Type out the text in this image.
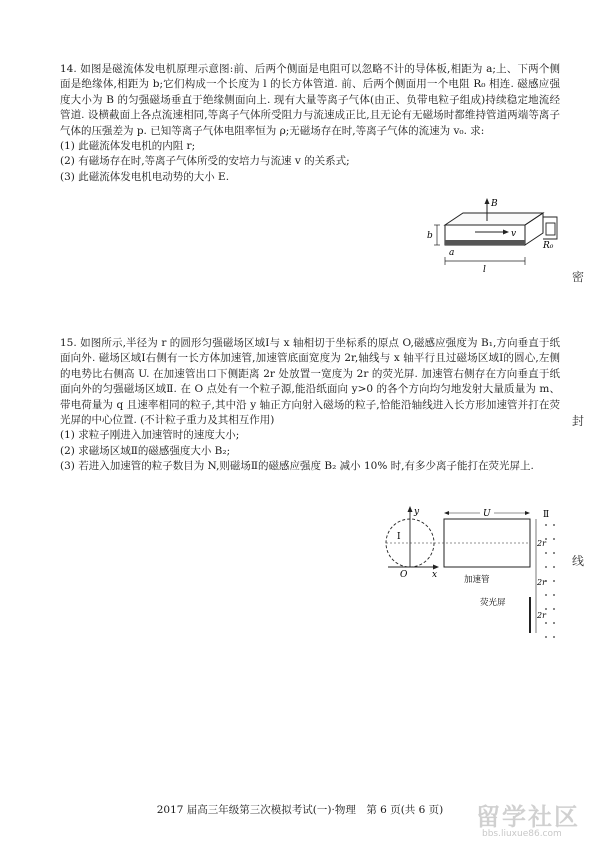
14. 如图是磁流体发电机原理示意图:前、后两个侧面是电阻可以忽略不计的导体板,相距为 a;上、下两个侧面是绝缘体,相距为 b;它们构成一个长度为 l 的长方体管道. 前、后两个侧面用一个电阻 R₀ 相连. 磁感应强度大小为 B 的匀强磁场垂直于绝缘侧面向上. 现有大量等离子气体(由正、负带电粒子组成)持续稳定地流经管道. 设横截面上各点流速相同,等离子气体所受阻力与流速成正比,且无论有无磁场时都维持管道两端等离子气体的压强差为 p. 已知等离子气体电阻率恒为 ρ;无磁场存在时,等离子气体的流速为 v₀. 求:

(1) 此磁流体发电机的内阻 r;

(2) 有磁场存在时,等离子气体所受的安培力与流速 v 的关系式;

(3) 此磁流体发电机电动势的大小 E.

B
v
b
a
l
R₀

15. 如图所示,半径为 r 的圆形匀强磁场区域Ⅰ与 x 轴相切于坐标系的原点 O,磁感应强度为 B₁,方向垂直于纸面向外. 磁场区域Ⅰ右侧有一长方体加速管,加速管底面宽度为 2r,轴线与 x 轴平行且过磁场区域Ⅰ的圆心,左侧的电势比右侧高 U. 在加速管出口下侧距离 2r 处放置一宽度为 2r 的荧光屏. 加速管右侧存在方向垂直于纸面向外的匀强磁场区域Ⅱ. 在 O 点处有一个粒子源,能沿纸面向 y>0 的各个方向均匀地发射大量质量为 m、带电荷量为 q 且速率相同的粒子,其中沿 y 轴正方向射入磁场的粒子,恰能沿轴线进入长方形加速管并打在荧光屏的中心位置. (不计粒子重力及其相互作用)

(1) 求粒子刚进入加速管时的速度大小;

(2) 求磁场区域Ⅱ的磁感强度大小 B₂;

(3) 若进入加速管的粒子数目为 N,则磁场Ⅱ的磁感应强度 B₂ 减小 10% 时,有多少离子能打在荧光屏上.

y
x
O
Ⅰ
Ⅱ
U
2r
2r
2r
加速管
荧光屏
密
封
线
2017 届高三年级第三次模拟考试(一)·物理　第 6 页(共 6 页)	留学社区
bbs.liuxue86.com
